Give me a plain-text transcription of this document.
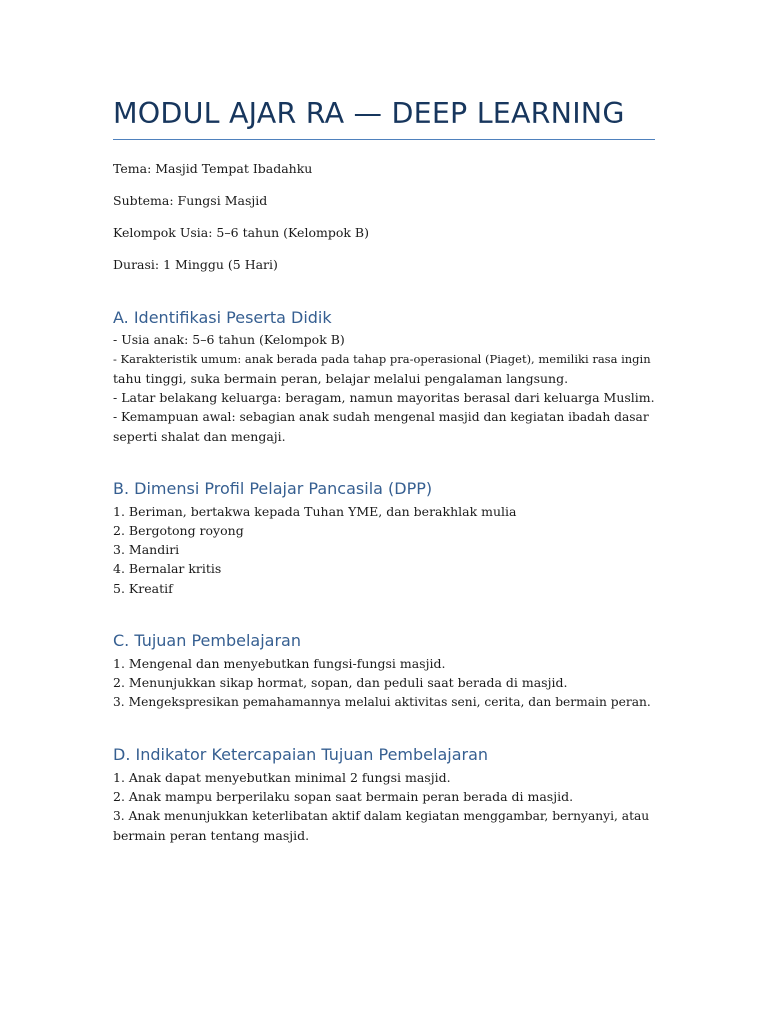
MODUL AJAR RA — DEEP LEARNING
Tema: Masjid Tempat Ibadahku
Subtema: Fungsi Masjid
Kelompok Usia: 5–6 tahun (Kelompok B)
Durasi: 1 Minggu (5 Hari)
A. Identifikasi Peserta Didik
- Usia anak: 5–6 tahun (Kelompok B)
- Karakteristik umum: anak berada pada tahap pra-operasional (Piaget), memiliki rasa ingin
tahu tinggi, suka bermain peran, belajar melalui pengalaman langsung.
- Latar belakang keluarga: beragam, namun mayoritas berasal dari keluarga Muslim.
- Kemampuan awal: sebagian anak sudah mengenal masjid dan kegiatan ibadah dasar
seperti shalat dan mengaji.
B. Dimensi Profil Pelajar Pancasila (DPP)
1. Beriman, bertakwa kepada Tuhan YME, dan berakhlak mulia
2. Bergotong royong
3. Mandiri
4. Bernalar kritis
5. Kreatif
C. Tujuan Pembelajaran
1. Mengenal dan menyebutkan fungsi-fungsi masjid.
2. Menunjukkan sikap hormat, sopan, dan peduli saat berada di masjid.
3. Mengekspresikan pemahamannya melalui aktivitas seni, cerita, dan bermain peran.
D. Indikator Ketercapaian Tujuan Pembelajaran
1. Anak dapat menyebutkan minimal 2 fungsi masjid.
2. Anak mampu berperilaku sopan saat bermain peran berada di masjid.
3. Anak menunjukkan keterlibatan aktif dalam kegiatan menggambar, bernyanyi, atau
bermain peran tentang masjid.
